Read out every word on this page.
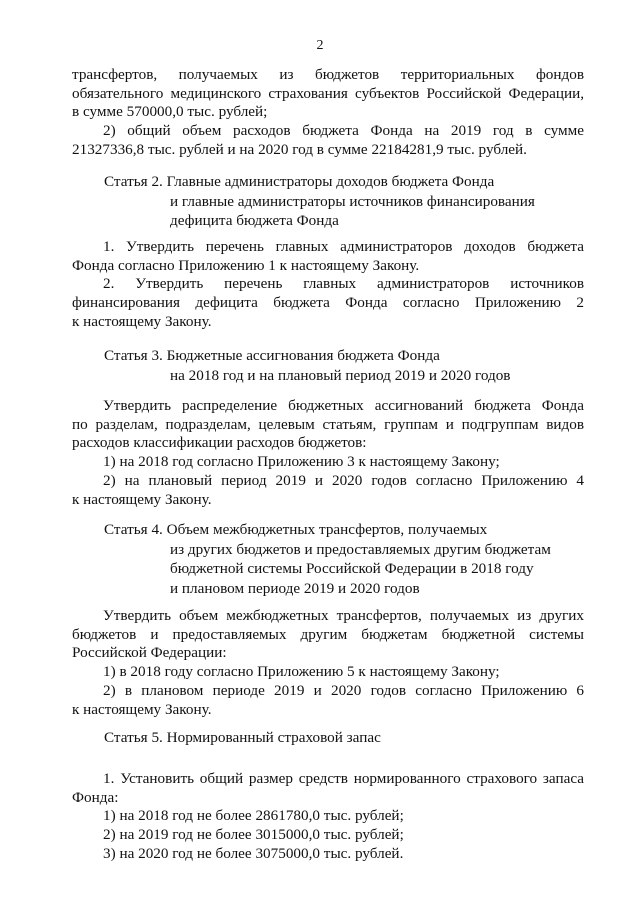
2
трансфертов, получаемых из бюджетов территориальных фондов
обязательного медицинского страхования субъектов Российской Федерации,
в сумме 570000,0 тыс. рублей;
2) общий объем расходов бюджета Фонда на 2019 год в сумме
21327336,8 тыс. рублей и на 2020 год в сумме 22184281,9 тыс. рублей.
Статья 2. Главные администраторы доходов бюджета Фонда
и главные администраторы источников финансирования
дефицита бюджета Фонда
1. Утвердить перечень главных администраторов доходов бюджета
Фонда согласно Приложению 1 к настоящему Закону.
2. Утвердить перечень главных администраторов источников
финансирования дефицита бюджета Фонда согласно Приложению 2
к настоящему Закону.
Статья 3. Бюджетные ассигнования бюджета Фонда
на 2018 год и на плановый период 2019 и 2020 годов
Утвердить распределение бюджетных ассигнований бюджета Фонда
по разделам, подразделам, целевым статьям, группам и подгруппам видов
расходов классификации расходов бюджетов:
1) на 2018 год согласно Приложению 3 к настоящему Закону;
2) на плановый период 2019 и 2020 годов согласно Приложению 4
к настоящему Закону.
Статья 4. Объем межбюджетных трансфертов, получаемых
из других бюджетов и предоставляемых другим бюджетам
бюджетной системы Российской Федерации в 2018 году
и плановом периоде 2019 и 2020 годов
Утвердить объем межбюджетных трансфертов, получаемых из других
бюджетов и предоставляемых другим бюджетам бюджетной системы
Российской Федерации:
1) в 2018 году согласно Приложению 5 к настоящему Закону;
2) в плановом периоде 2019 и 2020 годов согласно Приложению 6
к настоящему Закону.
Статья 5. Нормированный страховой запас
1. Установить общий размер средств нормированного страхового запаса
Фонда:
1) на 2018 год не более 2861780,0 тыс. рублей;
2) на 2019 год не более 3015000,0 тыс. рублей;
3) на 2020 год не более 3075000,0 тыс. рублей.
